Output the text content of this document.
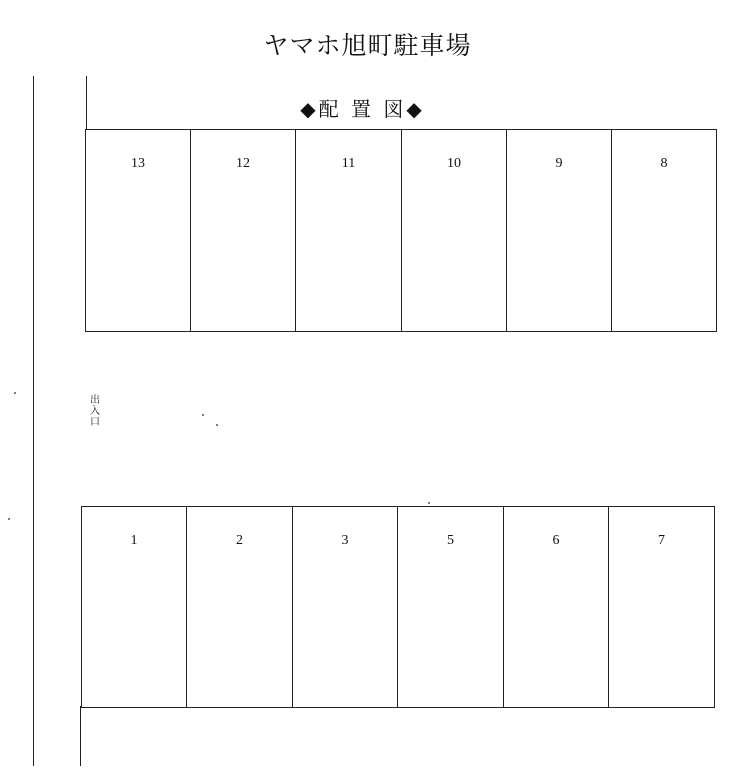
ヤマホ旭町駐車場
◆配 置 図◆
13	12	11	10	9	8
出
入
口
1	2	3	5	6	7
